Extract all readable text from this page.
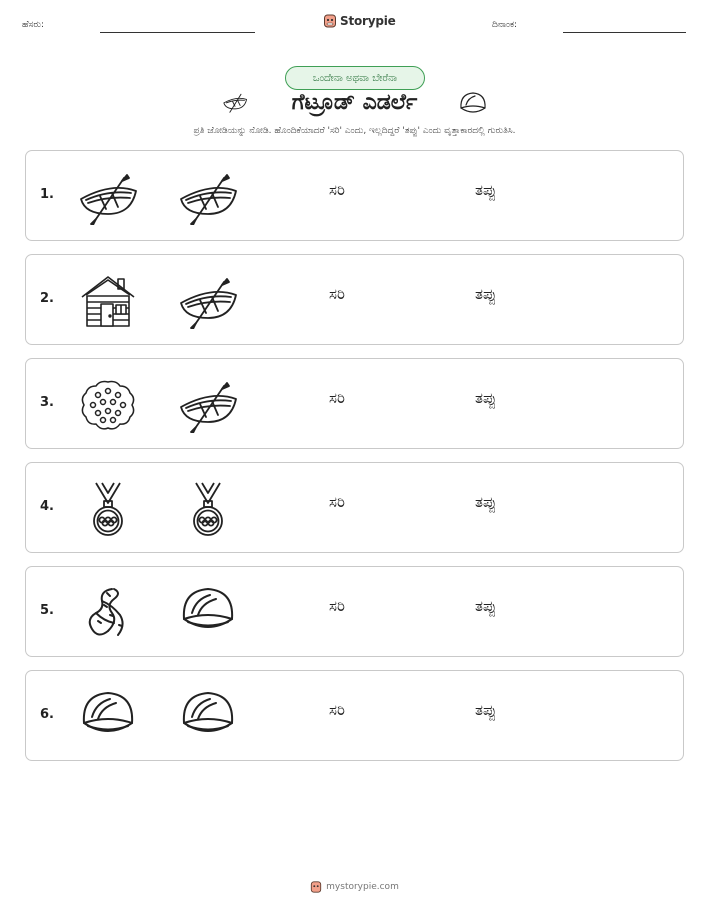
ಹೆಸರು:	Storypie	ದಿನಾಂಕ:
ಒಂದೇನಾ ಅಥವಾ ಬೇರೆನಾ
ಗೆಟ್ರೂಡ್ ಎಡರ್ಲೆ
ಪ್ರತಿ ಜೋಡಿಯನ್ನು ನೋಡಿ. ಹೊಂದಿಕೆಯಾದರೆ 'ಸರಿ' ಎಂದು, ಇಲ್ಲದಿದ್ದರೆ 'ತಪ್ಪು' ಎಂದು ವೃತ್ತಾಕಾರದಲ್ಲಿ ಗುರುತಿಸಿ.
1.	ಸರಿ	ತಪ್ಪು
2.	ಸರಿ	ತಪ್ಪು
3.	ಸರಿ	ತಪ್ಪು
4.	ಸರಿ	ತಪ್ಪು
5.	ಸರಿ	ತಪ್ಪು
6.	ಸರಿ	ತಪ್ಪು
mystorypie.com
